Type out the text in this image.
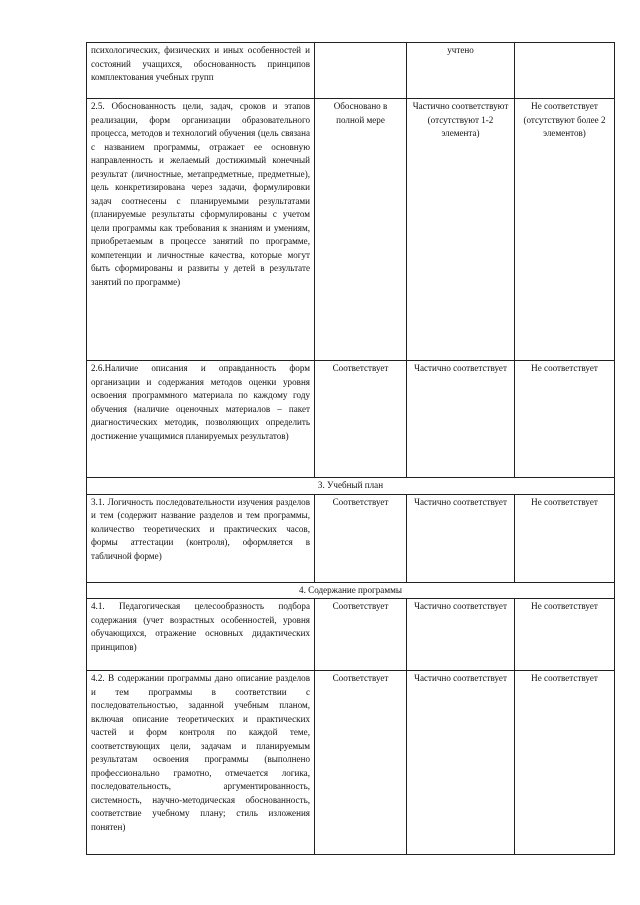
психологических, физических и иных особенностей и состояний учащихся, обоснованность принципов комплектования учебных групп		учтено	
2.5. Обоснованность цели, задач, сроков и этапов реализации, форм организации образовательного процесса, методов и технологий обучения (цель связана с названием программы, отражает ее основную направленность и желаемый достижимый конечный результат (личностные, метапредметные, предметные), цель конкретизирована через задачи, формулировки задач соотнесены с планируемыми результатами (планируемые результаты сформулированы с учетом цели программы как требования к знаниям и умениям, приобретаемым в процессе занятий по программе, компетенции и личностные качества, которые могут быть сформированы и развиты у детей в результате занятий по программе)	Обосновано в полной мере	Частично соответствуют (отсутствуют 1-2 элемента)	Не соответствует (отсутствуют более 2 элементов)
2.6.Наличие описания и оправданность форм организации и содержания методов оценки уровня освоения программного материала по каждому году обучения (наличие оценочных материалов – пакет диагностических методик, позволяющих определить достижение учащимися планируемых результатов)	Соответствует	Частично соответствует	Не соответствует
3. Учебный план			
3.1. Логичность последовательности изучения разделов и тем (содержит название разделов и тем программы, количество теоретических и практических часов, формы аттестации (контроля), оформляется в табличной форме)	Соответствует	Частично соответствует	Не соответствует
4. Содержание программы			
4.1. Педагогическая целесообразность подбора содержания (учет возрастных особенностей, уровня обучающихся, отражение основных дидактических принципов)	Соответствует	Частично соответствует	Не соответствует
4.2. В содержании программы дано описание разделов и тем программы в соответствии с последовательностью, заданной учебным планом, включая описание теоретических и практических частей и форм контроля по каждой теме, соответствующих цели, задачам и планируемым результатам освоения программы (выполнено профессионально грамотно, отмечается логика, последовательность, аргументированность, системность, научно-методическая обоснованность, соответствие учебному плану; стиль изложения понятен)	Соответствует	Частично соответствует	Не соответствует
